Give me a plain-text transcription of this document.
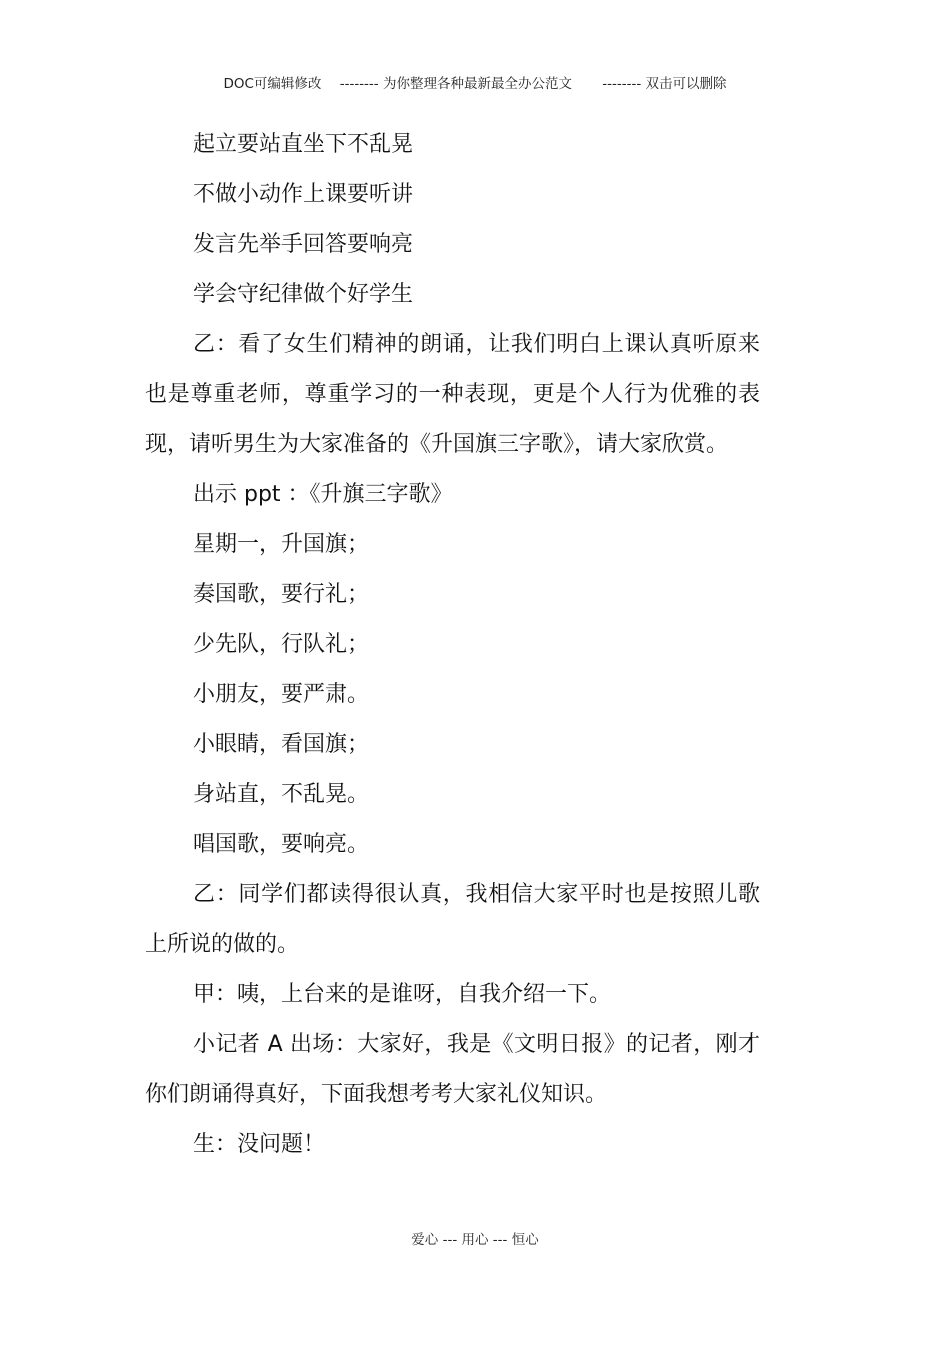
DOC可编辑修改 -------- 为你整理各种最新最全办公范文 -------- 双击可以删除

起立要站直坐下不乱晃

不做小动作上课要听讲

发言先举手回答要响亮

学会守纪律做个好学生

乙：看了女生们精神的朗诵，让我们明白上课认真听原来也是尊重老师，尊重学习的一种表现，更是个人行为优雅的表现，请听男生为大家准备的《升国旗三字歌》，请大家欣赏。

出示 ppt ：《升旗三字歌》

星期一，升国旗；

奏国歌，要行礼；

少先队，行队礼；

小朋友，要严肃。

小眼睛，看国旗；

身站直，不乱晃。

唱国歌，要响亮。

乙：同学们都读得很认真，我相信大家平时也是按照儿歌上所说的做的。

甲：咦，上台来的是谁呀，自我介绍一下。

小记者 A 出场：大家好，我是《文明日报》的记者，刚才你们朗诵得真好，下面我想考考大家礼仪知识。

生：没问题！

爱心 --- 用心 --- 恒心
